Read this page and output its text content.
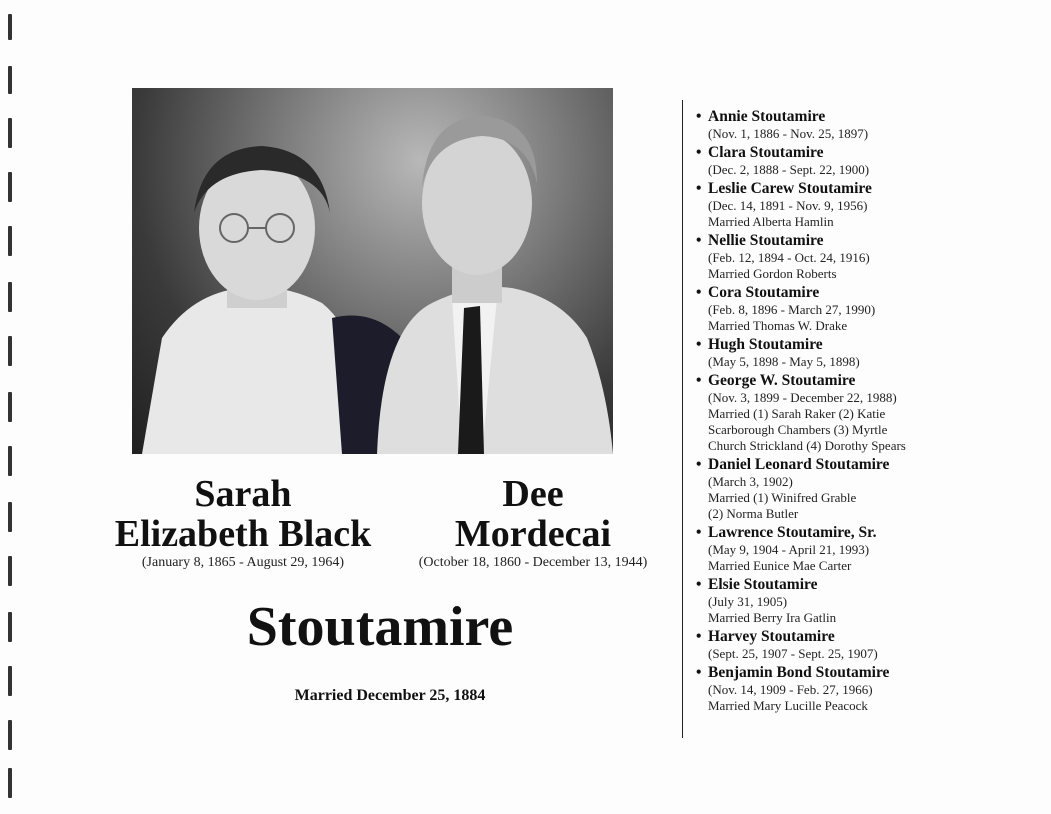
Sarah
Elizabeth Black
(January 8, 1865 - August 29, 1964)
Dee
Mordecai
(October 18, 1860 - December 13, 1944)
Stoutamire
Married December 25, 1884
• Annie Stoutamire
(Nov. 1, 1886 - Nov. 25, 1897)
• Clara Stoutamire
(Dec. 2, 1888 - Sept. 22, 1900)
• Leslie Carew Stoutamire
(Dec. 14, 1891 - Nov. 9, 1956)
Married Alberta Hamlin
• Nellie Stoutamire
(Feb. 12, 1894 - Oct. 24, 1916)
Married Gordon Roberts
• Cora Stoutamire
(Feb. 8, 1896 - March 27, 1990)
Married Thomas W. Drake
• Hugh Stoutamire
(May 5, 1898 - May 5, 1898)
• George W. Stoutamire
(Nov. 3, 1899 - December 22, 1988)
Married (1) Sarah Raker (2) Katie
Scarborough Chambers (3) Myrtle
Church Strickland (4) Dorothy Spears
• Daniel Leonard Stoutamire
(March 3, 1902)
Married (1) Winifred Grable
(2) Norma Butler
• Lawrence Stoutamire, Sr.
(May 9, 1904 - April 21, 1993)
Married Eunice Mae Carter
• Elsie Stoutamire
(July 31, 1905)
Married Berry Ira Gatlin
• Harvey Stoutamire
(Sept. 25, 1907 - Sept. 25, 1907)
• Benjamin Bond Stoutamire
(Nov. 14, 1909 - Feb. 27, 1966)
Married Mary Lucille Peacock
